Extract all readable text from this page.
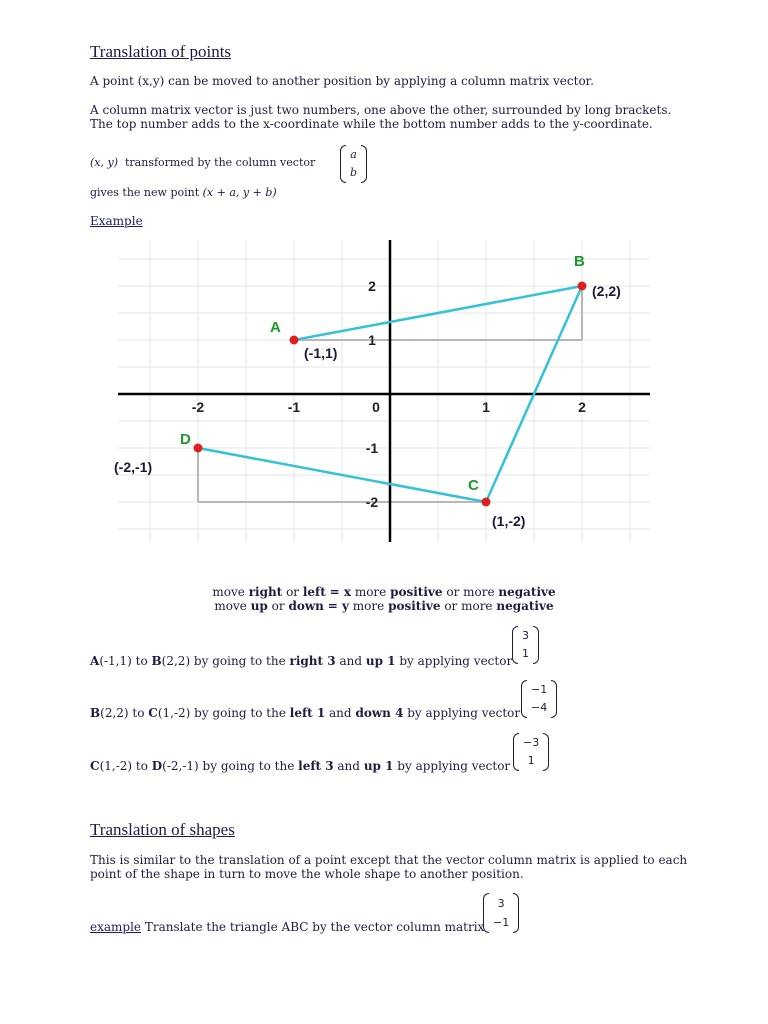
Translation of points
A point (x,y) can be moved to another position by applying a column matrix vector.
A column matrix vector is just two numbers, one above the other, surrounded by long brackets.
The top number adds to the x-coordinate while the bottom number adds to the y-coordinate.
(x, y) transformed by the column vector
a
b
gives the new point (x + a, y + b)
Example
-2	-1	0	1	2
2
1
-1
-2
A
(-1,1)
B
(2,2)
C
(1,-2)
D
(-2,-1)
move right or left = x more positive or more negative
move up or down = y more positive or more negative
A(-1,1) to B(2,2) by going to the right 3 and up 1 by applying vector
3
1
B(2,2) to C(1,-2) by going to the left 1 and down 4 by applying vector
−1
−4
C(1,-2) to D(-2,-1) by going to the left 3 and up 1 by applying vector
−3
1
Translation of shapes
This is similar to the translation of a point except that the vector column matrix is applied to each
point of the shape in turn to move the whole shape to another position.
example Translate the triangle ABC by the vector column matrix
3
−1
